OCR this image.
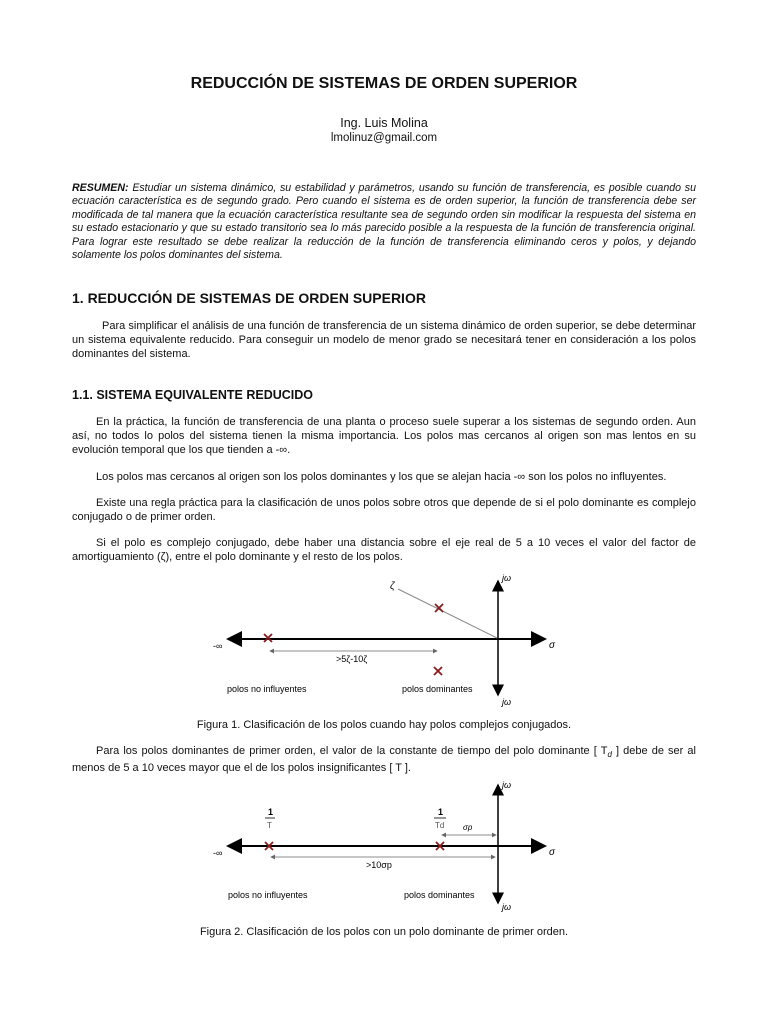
REDUCCIÓN DE SISTEMAS DE ORDEN SUPERIOR
Ing. Luis Molina
lmolinuz@gmail.com
RESUMEN: Estudiar un sistema dinámico, su estabilidad y parámetros, usando su función de transferencia, es posible cuando su ecuación característica es de segundo grado. Pero cuando el sistema es de orden superior, la función de transferencia debe ser modificada de tal manera que la ecuación característica resultante sea de segundo orden sin modificar la respuesta del sistema en su estado estacionario y que su estado transitorio sea lo más parecido posible a la respuesta de la función de transferencia original. Para lograr este resultado se debe realizar la reducción de la función de transferencia eliminando ceros y polos, y dejando solamente los polos dominantes del sistema.
1. REDUCCIÓN DE SISTEMAS DE ORDEN SUPERIOR
Para simplificar el análisis de una función de transferencia de un sistema dinámico de orden superior, se debe determinar un sistema equivalente reducido. Para conseguir un modelo de menor grado se necesitará tener en consideración a los polos dominantes del sistema.
1.1. SISTEMA EQUIVALENTE REDUCIDO
En la práctica, la función de transferencia de una planta o proceso suele superar a los sistemas de segundo orden. Aun así, no todos lo polos del sistema tienen la misma importancia. Los polos mas cercanos al origen son mas lentos en su evolución temporal que los que tienden a -∞.
Los polos mas cercanos al origen son los polos dominantes y los que se alejan hacia -∞ son los polos no influyentes.
Existe una regla práctica para la clasificación de unos polos sobre otros que depende de si el polo dominante es complejo conjugado o de primer orden.
Si el polo es complejo conjugado, debe haber una distancia sobre el eje real de 5 a 10 veces el valor del factor de amortiguamiento (ζ), entre el polo dominante y el resto de los polos.
jω
jω
σ
-∞
ζ
>5ζ-10ζ
polos no influyentes	polos dominantes
Figura 1. Clasificación de los polos cuando hay polos complejos conjugados.
Para los polos dominantes de primer orden, el valor de la constante de tiempo del polo dominante [ $T_d$ ] debe de ser al menos de 5 a 10 veces mayor que el de los polos insignificantes [ T ].
jω
jω
σ
-∞
1
T
1
Td σp
>10σp
polos no influyentes	polos dominantes
Figura 2. Clasificación de los polos con un polo dominante de primer orden.
